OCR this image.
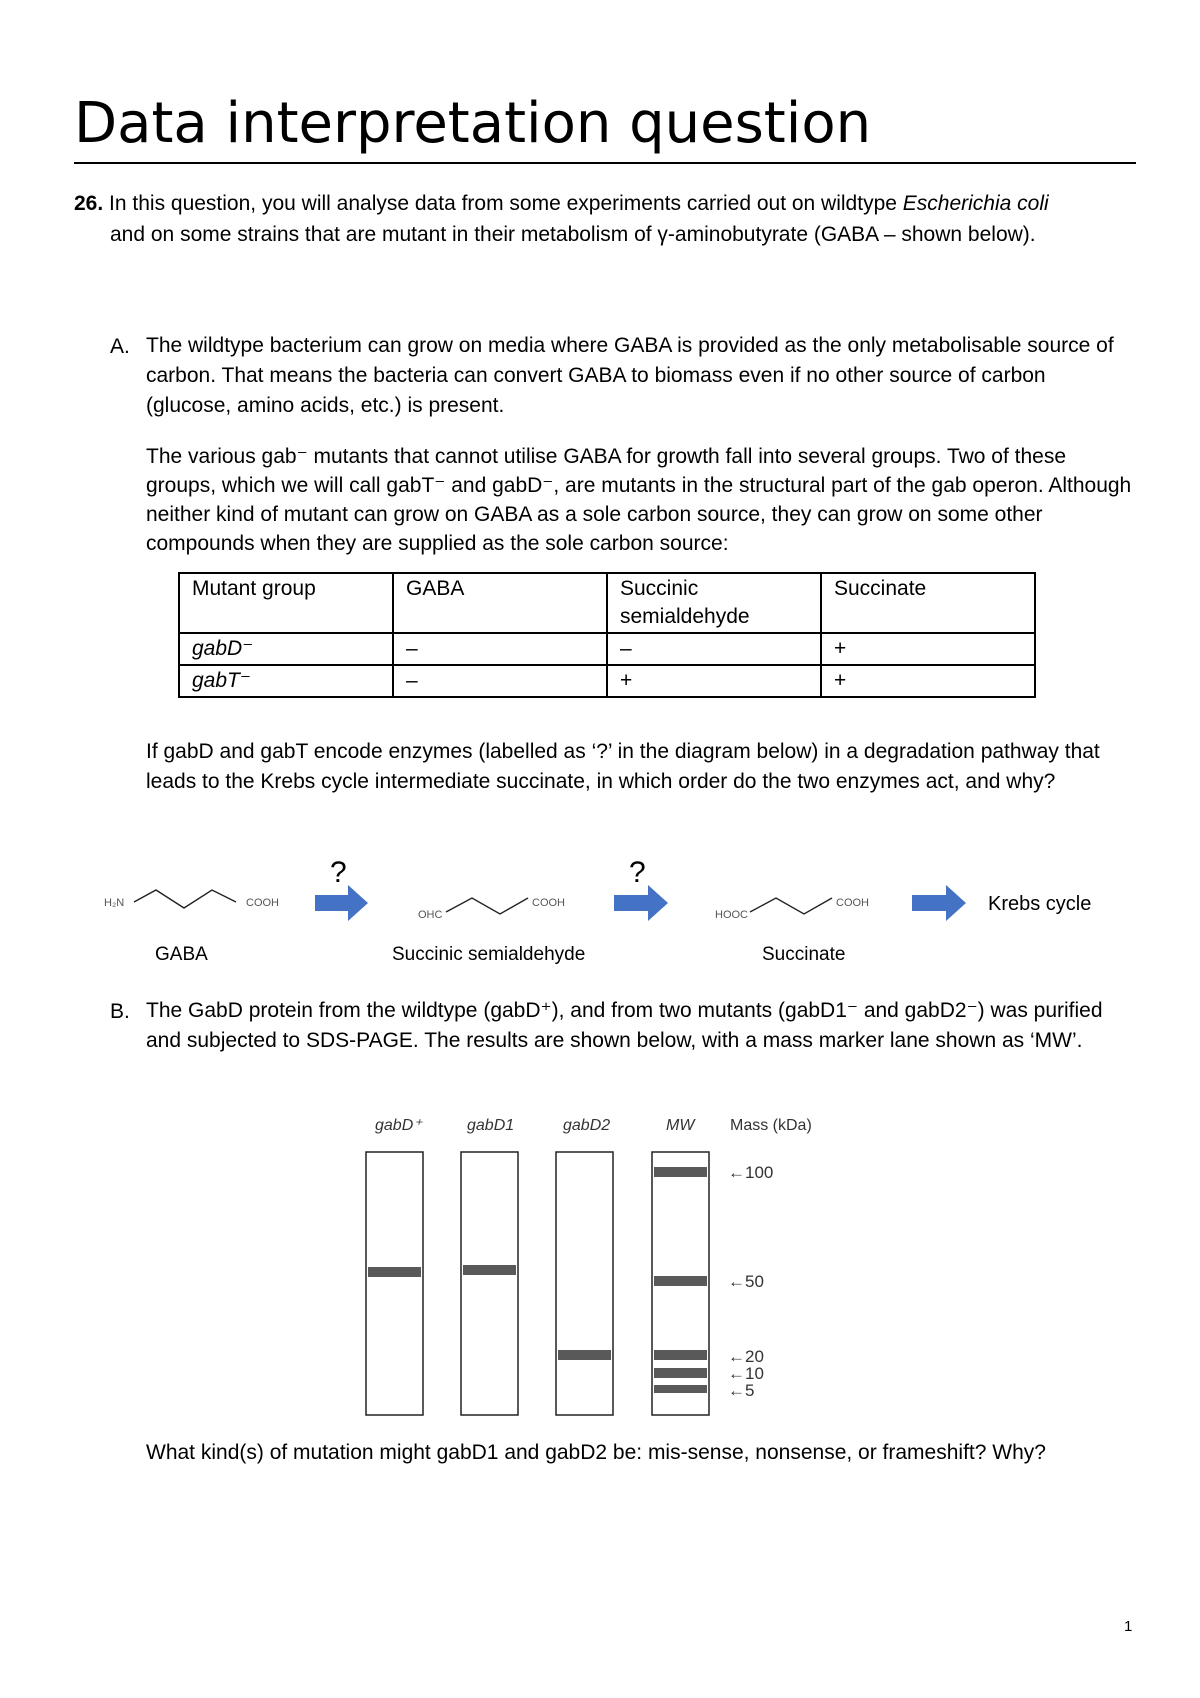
Data interpretation question
26. In this question, you will analyse data from some experiments carried out on wildtype Escherichia coli
and on some strains that are mutant in their metabolism of γ-aminobutyrate (GABA – shown below).
A. The wildtype bacterium can grow on media where GABA is provided as the only metabolisable source of carbon. That means the bacteria can convert GABA to biomass even if no other source of carbon (glucose, amino acids, etc.) is present.

The various gab⁻ mutants that cannot utilise GABA for growth fall into several groups. Two of these groups, which we will call gabT⁻ and gabD⁻, are mutants in the structural part of the gab operon. Although neither kind of mutant can grow on GABA as a sole carbon source, they can grow on some other compounds when they are supplied as the sole carbon source:

Mutant group	GABA	Succinic semialdehyde	Succinate
gabD⁻	–	–	+
gabT⁻	–	+	+

If gabD and gabT encode enzymes (labelled as ‘?’ in the diagram below) in a degradation pathway that leads to the Krebs cycle intermediate succinate, in which order do the two enzymes act, and why?

H₂N	COOH
?
OHC
COOH
?
HOOC
COOH	Krebs cycle
GABA	Succinic semialdehyde	Succinate
B. The GabD protein from the wildtype (gabD⁺), and from two mutants (gabD1⁻ and gabD2⁻) was purified and subjected to SDS-PAGE. The results are shown below, with a mass marker lane shown as ‘MW’.

gabD⁺	gabD1	gabD2	MW Mass (kDa)
←100
←50
←20
←10
←5

What kind(s) of mutation might gabD1 and gabD2 be: mis-sense, nonsense, or frameshift? Why?

1
